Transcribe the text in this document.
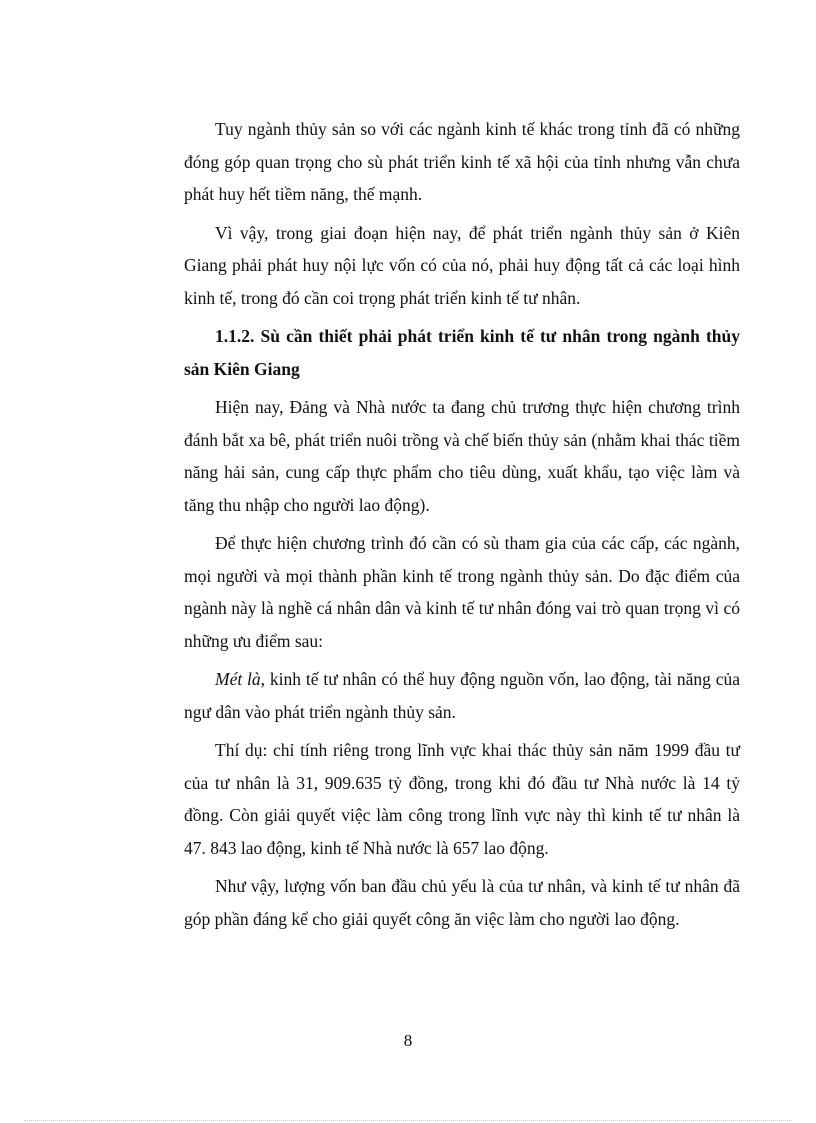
Tuy ngành thủy sản so với các ngành kinh tế khác trong tỉnh đã có những đóng góp quan trọng cho sù phát triển kinh tế xã hội của tỉnh nhưng vẫn chưa phát huy hết tiềm năng, thế mạnh.

Vì vậy, trong giai đoạn hiện nay, để phát triển ngành thủy sản ở Kiên Giang phải phát huy nội lực vốn có của nó, phải huy động tất cả các loại hình kinh tế, trong đó cần coi trọng phát triển kinh tế tư nhân.

1.1.2. Sù cần thiết phải phát triển kinh tế tư nhân trong ngành thủy sản Kiên Giang

Hiện nay, Đảng và Nhà nước ta đang chủ trương thực hiện chương trình đánh bắt xa bê, phát triển nuôi trồng và chế biến thủy sản (nhằm khai thác tiềm năng hải sản, cung cấp thực phẩm cho tiêu dùng, xuất khẩu, tạo việc làm và tăng thu nhập cho người lao động).

Để thực hiện chương trình đó cần có sù tham gia của các cấp, các ngành, mọi người và mọi thành phần kinh tế trong ngành thủy sản. Do đặc điểm của ngành này là nghề cá nhân dân và kinh tế tư nhân đóng vai trò quan trọng vì có những ưu điểm sau:

Mét là, kinh tế tư nhân có thể huy động nguồn vốn, lao động, tài năng của ngư dân vào phát triển ngành thủy sản.

Thí dụ: chỉ tính riêng trong lĩnh vực khai thác thủy sản năm 1999 đầu tư của tư nhân là 31, 909.635 tỷ đồng, trong khi đó đầu tư Nhà nước là 14 tỷ đồng. Còn giải quyết việc làm công trong lĩnh vực này thì kinh tế tư nhân là 47. 843 lao động, kinh tế Nhà nước là 657 lao động.

Như vậy, lượng vốn ban đầu chủ yếu là của tư nhân, và kinh tế tư nhân đã góp phần đáng kể cho giải quyết công ăn việc làm cho người lao động.

8
